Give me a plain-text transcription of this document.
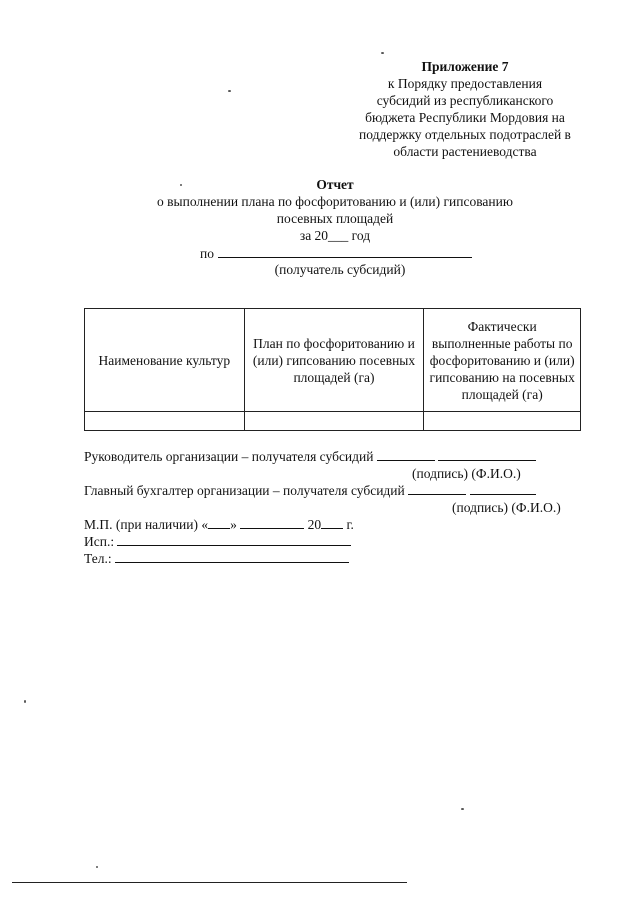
Приложение 7
к Порядку предоставления
субсидий из республиканского
бюджета Республики Мордовия на
поддержку отдельных подотраслей в
области растениеводства
Отчет
о выполнении плана по фосфоритованию и (или) гипсованию
посевных площадей
за 20___ год
по
(получатель субсидий)
Наименование культур	План по фосфоритованию и (или) гипсованию посевных площадей (га)	Фактически выполненные работы по фосфоритованию и (или) гипсованию на посевных площадей (га)

Руководитель организации – получателя субсидий
(подпись) (Ф.И.О.)
Главный бухгалтер организации – получателя субсидий
(подпись) (Ф.И.О.)
М.П. (при наличии) « »	20 г.
Исп.:
Тел.:
